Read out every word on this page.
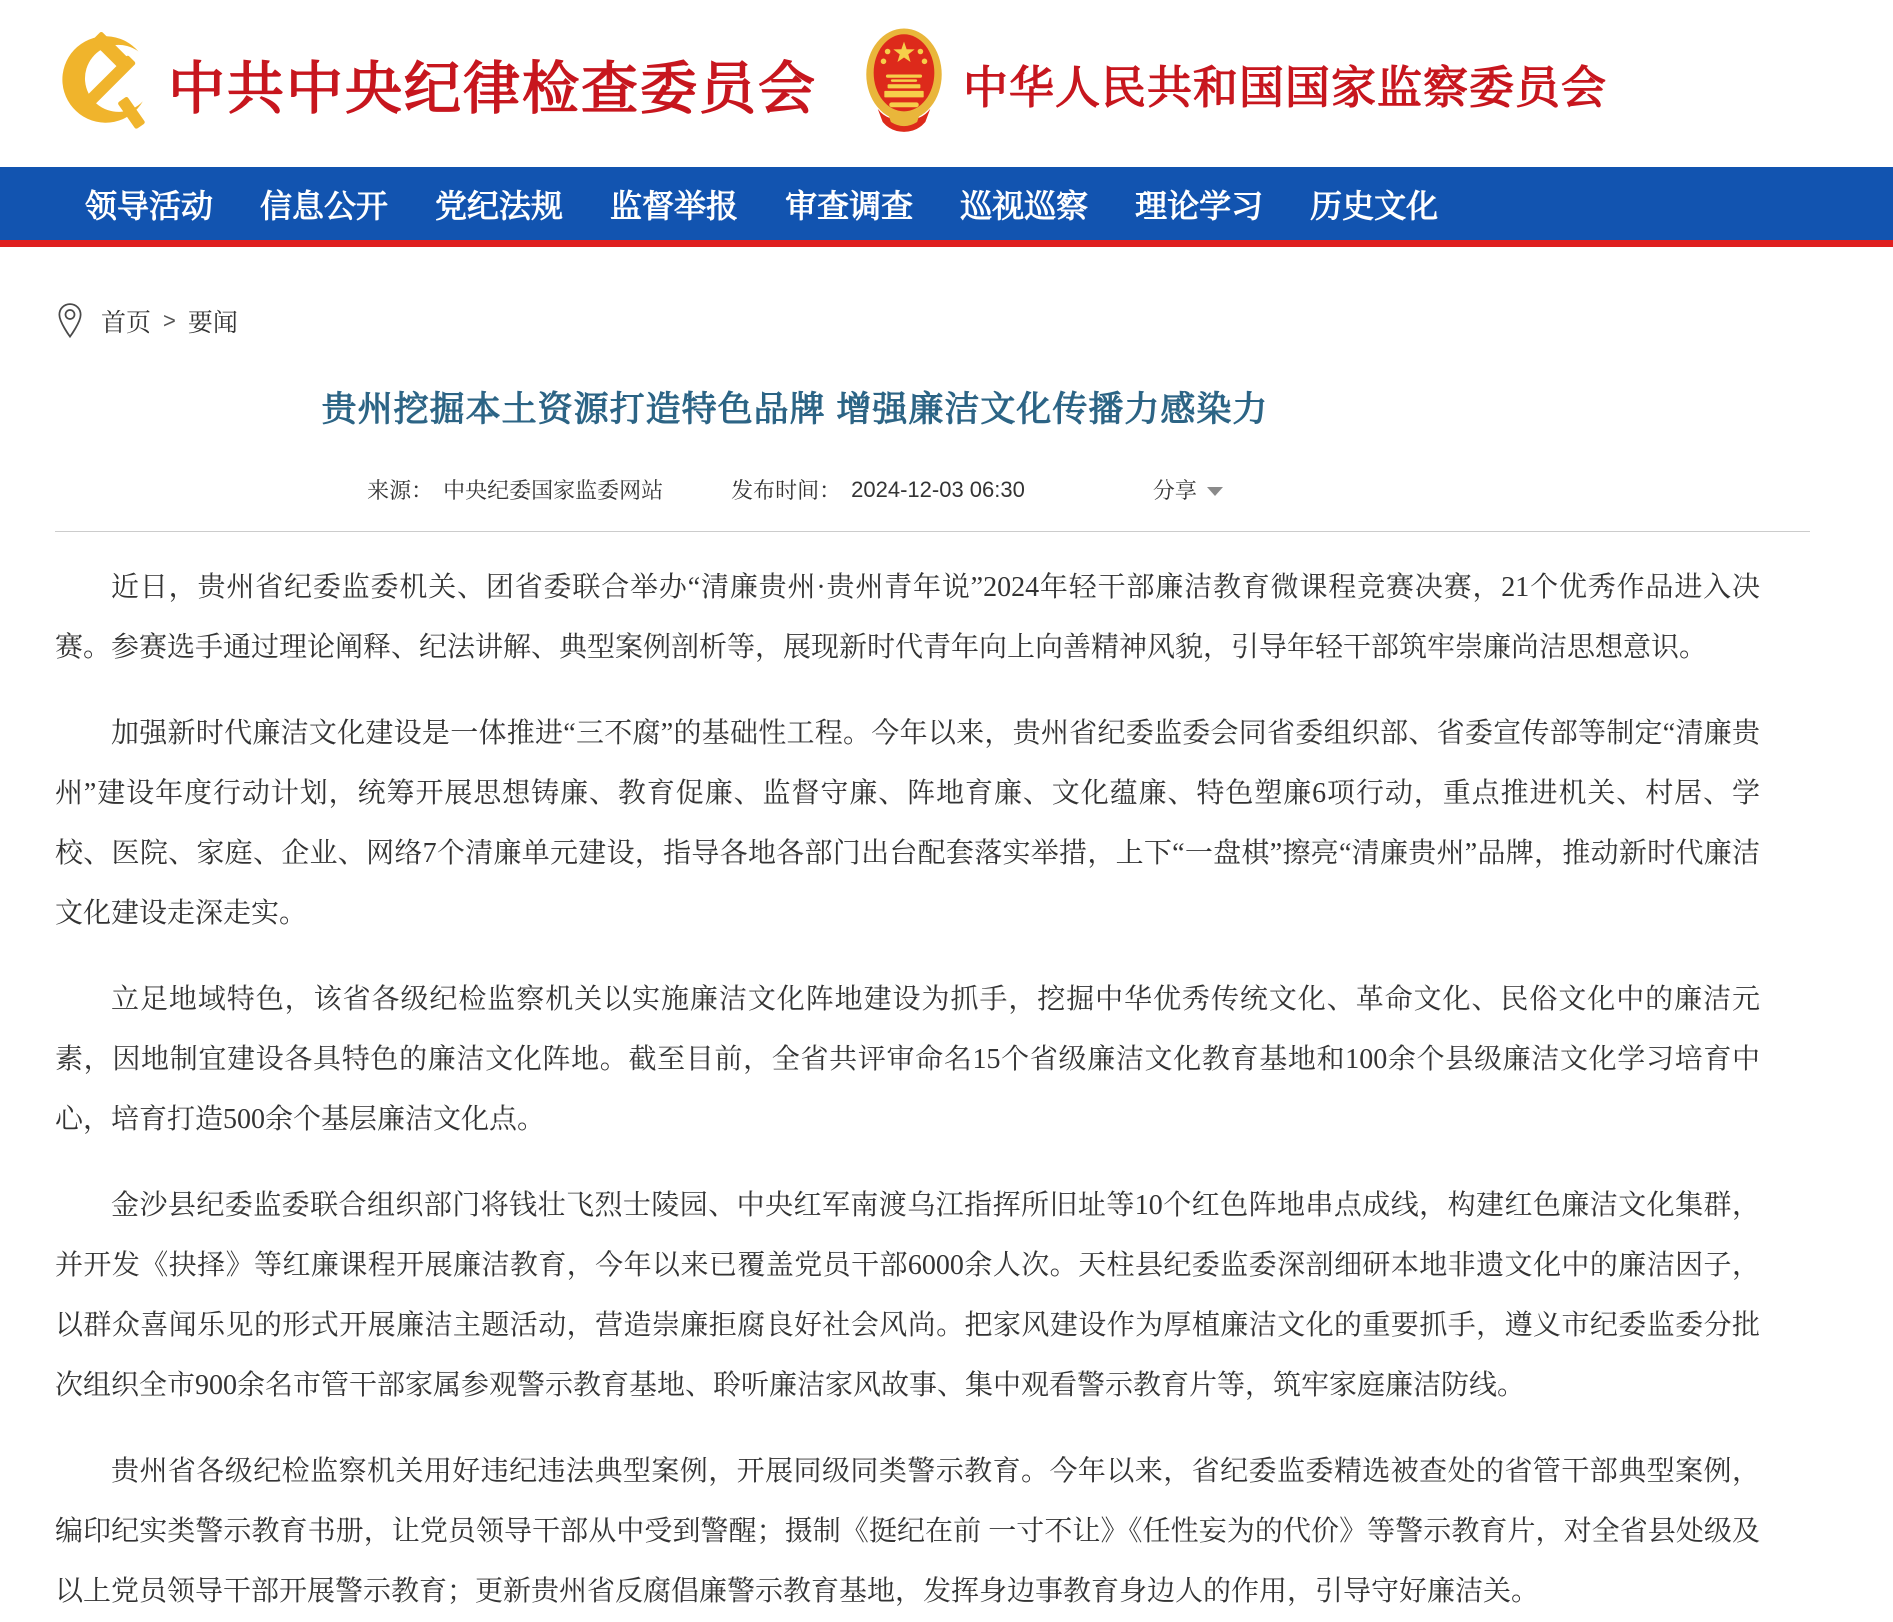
中共中央纪律检查委员会	中华人民共和国国家监察委员会
领导活动 信息公开 党纪法规 监督举报 审查调查 巡视巡察 理论学习 历史文化
首页 > 要闻
贵州挖掘本土资源打造特色品牌 增强廉洁文化传播力感染力
来源： 中央纪委国家监委网站	发布时间： 2024-12-03 06:30	分享

近日，贵州省纪委监委机关、团省委联合举办“清廉贵州·贵州青年说”2024年轻干部廉洁教育微课程竞赛决赛，21个优秀作品进入决赛。参赛选手通过理论阐释、纪法讲解、典型案例剖析等，展现新时代青年向上向善精神风貌，引导年轻干部筑牢崇廉尚洁思想意识。

加强新时代廉洁文化建设是一体推进“三不腐”的基础性工程。今年以来，贵州省纪委监委会同省委组织部、省委宣传部等制定“清廉贵州”建设年度行动计划，统筹开展思想铸廉、教育促廉、监督守廉、阵地育廉、文化蕴廉、特色塑廉6项行动，重点推进机关、村居、学校、医院、家庭、企业、网络7个清廉单元建设，指导各地各部门出台配套落实举措，上下“一盘棋”擦亮“清廉贵州”品牌，推动新时代廉洁文化建设走深走实。

立足地域特色，该省各级纪检监察机关以实施廉洁文化阵地建设为抓手，挖掘中华优秀传统文化、革命文化、民俗文化中的廉洁元素，因地制宜建设各具特色的廉洁文化阵地。截至目前，全省共评审命名15个省级廉洁文化教育基地和100余个县级廉洁文化学习培育中心，培育打造500余个基层廉洁文化点。

金沙县纪委监委联合组织部门将钱壮飞烈士陵园、中央红军南渡乌江指挥所旧址等10个红色阵地串点成线，构建红色廉洁文化集群，并开发《抉择》等红廉课程开展廉洁教育，今年以来已覆盖党员干部6000余人次。天柱县纪委监委深剖细研本地非遗文化中的廉洁因子，以群众喜闻乐见的形式开展廉洁主题活动，营造崇廉拒腐良好社会风尚。把家风建设作为厚植廉洁文化的重要抓手，遵义市纪委监委分批次组织全市900余名市管干部家属参观警示教育基地、聆听廉洁家风故事、集中观看警示教育片等，筑牢家庭廉洁防线。

贵州省各级纪检监察机关用好违纪违法典型案例，开展同级同类警示教育。今年以来，省纪委监委精选被查处的省管干部典型案例，编印纪实类警示教育书册，让党员领导干部从中受到警醒；摄制《挺纪在前 一寸不让》《任性妄为的代价》等警示教育片，对全省县处级及以上党员领导干部开展警示教育；更新贵州省反腐倡廉警示教育基地，发挥身边事教育身边人的作用，引导守好廉洁关。
